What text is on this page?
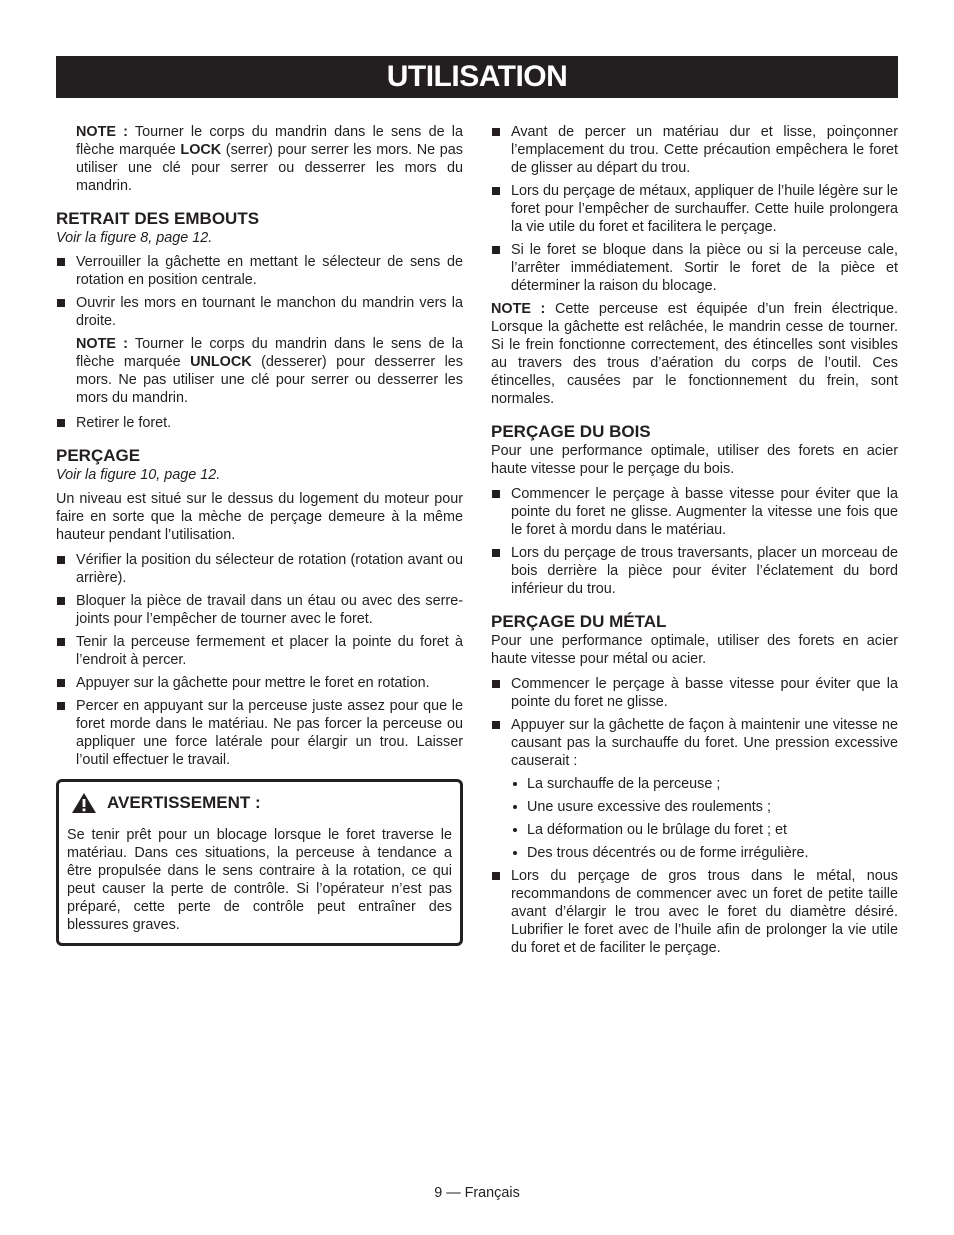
UTILISATION

NOTE : Tourner le corps du mandrin dans le sens de la flèche marquée LOCK (serrer) pour serrer les mors. Ne pas utiliser une clé pour serrer ou desserrer les mors du mandrin.

RETRAIT DES EMBOUTS
Voir la figure 8, page 12.
Verrouiller la gâchette en mettant le sélecteur de sens de rotation en position centrale.
Ouvrir les mors en tournant le manchon du mandrin vers la droite.

NOTE : Tourner le corps du mandrin dans le sens de la flèche marquée UNLOCK (desserer) pour desserrer les mors. Ne pas utiliser une clé pour serrer ou desserrer les mors du mandrin.

Retirer le foret.
PERÇAGE
Voir la figure 10, page 12.

Un niveau est situé sur le dessus du logement du moteur pour faire en sorte que la mèche de perçage demeure à la même hauteur pendant l’utilisation.

Vérifier la position du sélecteur de rotation (rotation avant ou arrière).
Bloquer la pièce de travail dans un étau ou avec des serre-joints pour l’empêcher de tourner avec le foret.
Tenir la perceuse fermement et placer la pointe du foret à l’endroit à percer.
Appuyer sur la gâchette pour mettre le foret en rotation.
Percer en appuyant sur la perceuse juste assez pour que le foret morde dans le matériau. Ne pas forcer la perceuse ou appliquer une force latérale pour élargir un trou. Laisser l’outil effectuer le travail.
AVERTISSEMENT :

Se tenir prêt pour un blocage lorsque le foret traverse le matériau. Dans ces situations, la perceuse à tendance a être propulsée dans le sens contraire à la rotation, ce qui peut causer la perte de contrôle. Si l’opérateur n’est pas préparé, cette perte de contrôle peut entraîner des blessures graves.

Avant de percer un matériau dur et lisse, poinçonner l’emplacement du trou. Cette précaution empêchera le foret de glisser au départ du trou.
Lors du perçage de métaux, appliquer de l’huile légère sur le foret pour l’empêcher de surchauffer. Cette huile prolongera la vie utile du foret et facilitera le perçage.
Si le foret se bloque dans la pièce ou si la perceuse cale, l’arrêter immédiatement. Sortir le foret de la pièce et déterminer la raison du blocage.

NOTE : Cette perceuse est équipée d’un frein électrique. Lorsque la gâchette est relâchée, le mandrin cesse de tourner. Si le frein fonctionne correctement, des étincelles sont visibles au travers des trous d’aération du corps de l’outil. Ces étincelles, causées par le fonctionnement du frein, sont normales.

PERÇAGE DU BOIS

Pour une performance optimale, utiliser des forets en acier haute vitesse pour le perçage du bois.

Commencer le perçage à basse vitesse pour éviter que la pointe du foret ne glisse. Augmenter la vitesse une fois que le foret à mordu dans le matériau.
Lors du perçage de trous traversants, placer un morceau de bois derrière la pièce pour éviter l’éclatement du bord inférieur du trou.
PERÇAGE DU MÉTAL

Pour une performance optimale, utiliser des forets en acier haute vitesse pour métal ou acier.

Commencer le perçage à basse vitesse pour éviter que la pointe du foret ne glisse.
Appuyer sur la gâchette de façon à maintenir une vitesse ne causant pas la surchauffe du foret. Une pression excessive causerait :
La surchauffe de la perceuse ;
Une usure excessive des roulements ;
La déformation ou le brûlage du foret ; et
Des trous décentrés ou de forme irrégulière.
Lors du perçage de gros trous dans le métal, nous recommandons de commencer avec un foret de petite taille avant d’élargir le trou avec le foret du diamètre désiré. Lubrifier le foret avec de l’huile afin de prolonger la vie utile du foret et de faciliter le perçage.
9 — Français
